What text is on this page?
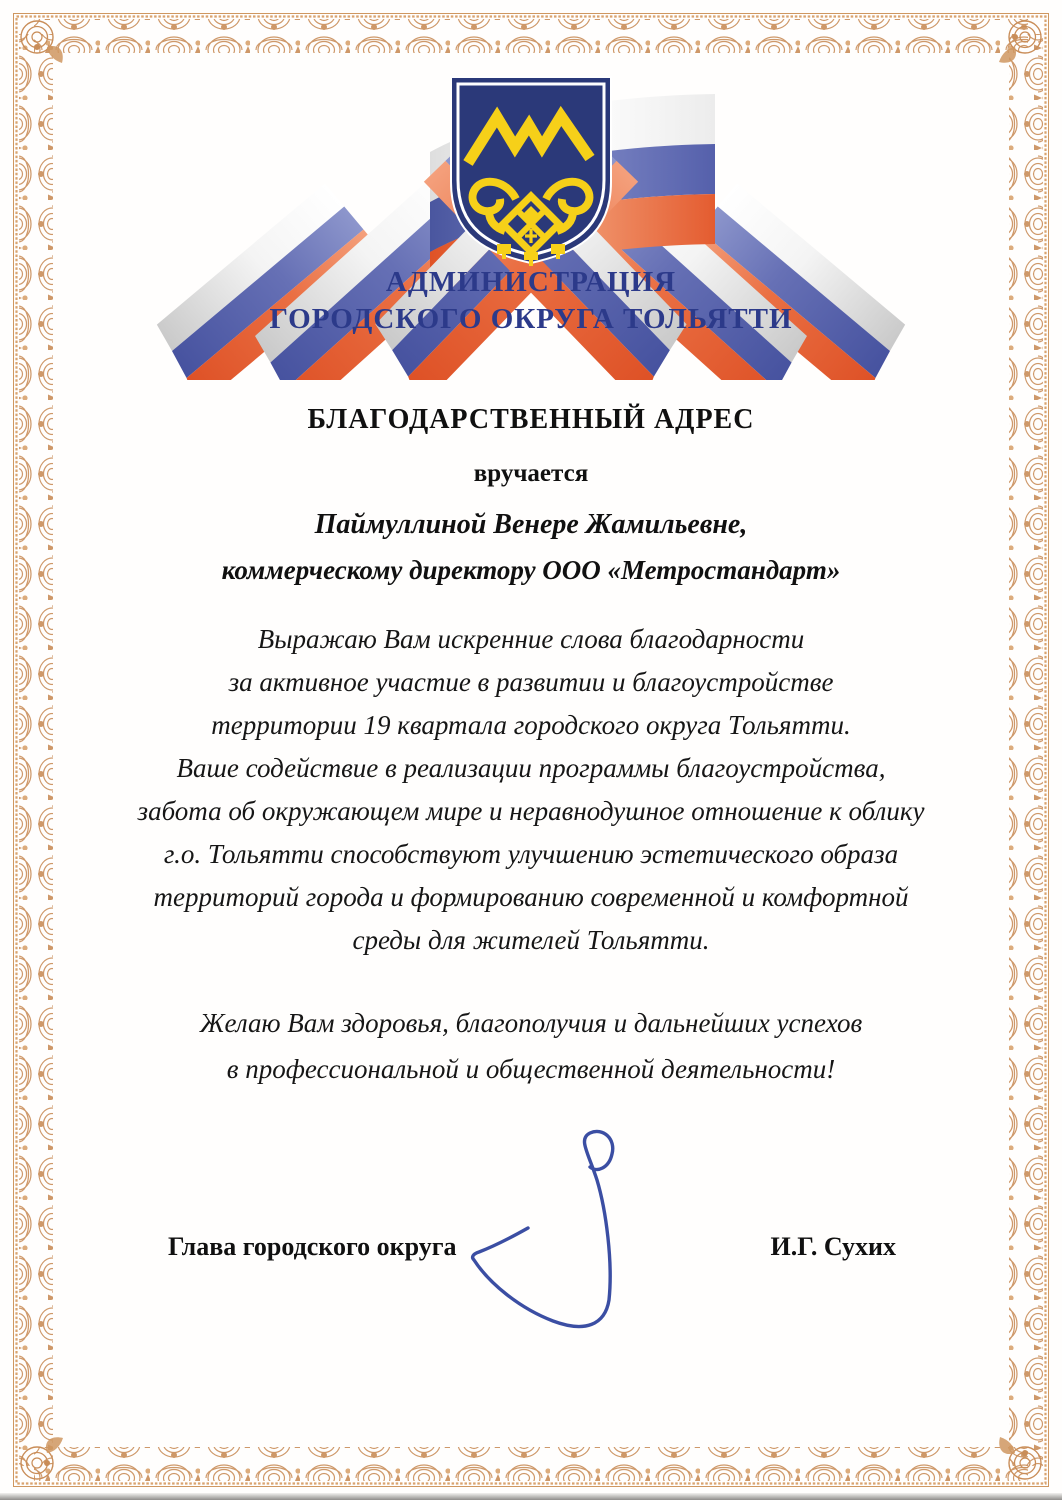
АДМИНИСТРАЦИЯ
ГОРОДСКОГО ОКРУГА ТОЛЬЯТТИ
БЛАГОДАРСТВЕННЫЙ АДРЕС
вручается
Паймуллиной Венере Жамильевне,
коммерческому директору ООО «Метростандарт»
Выражаю Вам искренние слова благодарности
за активное участие в развитии и благоустройстве
территории 19 квартала городского округа Тольятти.
Ваше содействие в реализации программы благоустройства,
забота об окружающем мире и неравнодушное отношение к облику
г.о. Тольятти способствуют улучшению эстетического образа
территорий города и формированию современной и комфортной
среды для жителей Тольятти.
Желаю Вам здоровья, благополучия и дальнейших успехов
в профессиональной и общественной деятельности!
Глава городского округа	И.Г. Сухих
